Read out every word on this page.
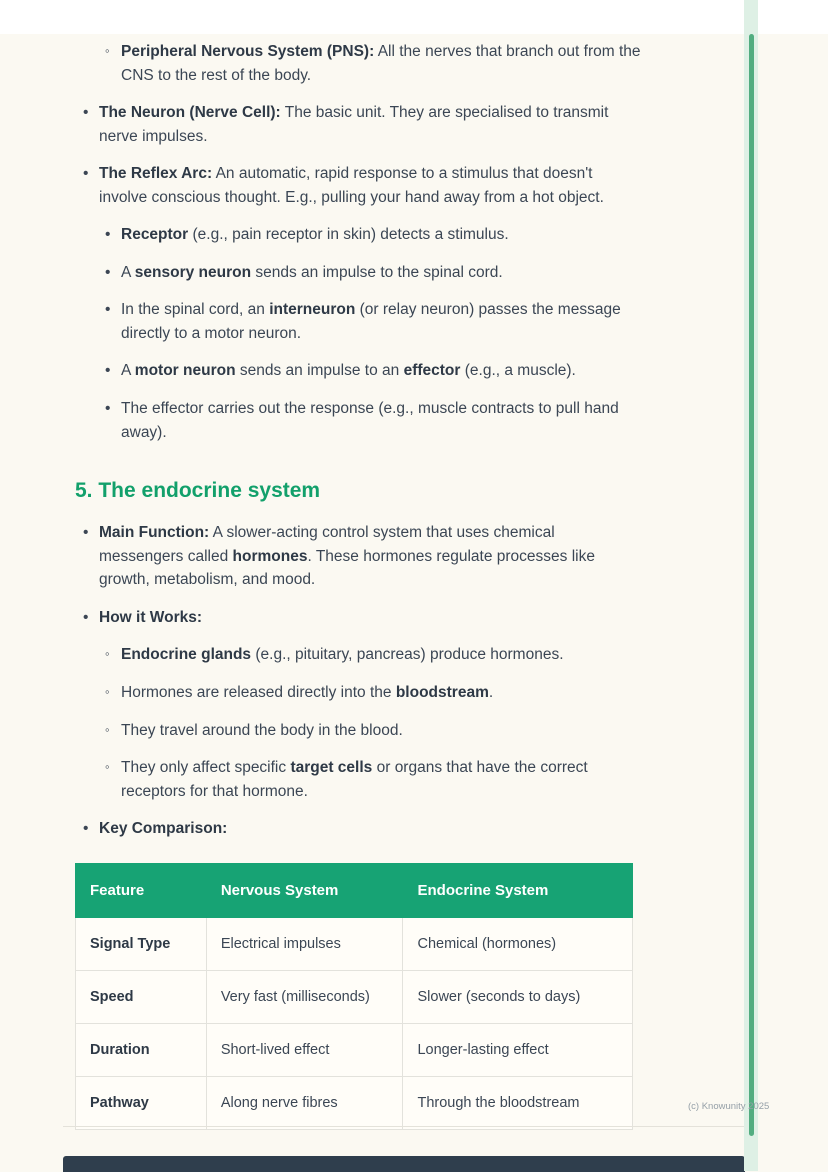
◦ Peripheral Nervous System (PNS): All the nerves that branch out from the CNS to the rest of the body.
• The Neuron (Nerve Cell): The basic unit. They are specialised to transmit nerve impulses.
• The Reflex Arc: An automatic, rapid response to a stimulus that doesn't involve conscious thought. E.g., pulling your hand away from a hot object.
• Receptor (e.g., pain receptor in skin) detects a stimulus.
• A sensory neuron sends an impulse to the spinal cord.
• In the spinal cord, an interneuron (or relay neuron) passes the message directly to a motor neuron.
• A motor neuron sends an impulse to an effector (e.g., a muscle).
• The effector carries out the response (e.g., muscle contracts to pull hand away).
5. The endocrine system
• Main Function: A slower-acting control system that uses chemical messengers called hormones. These hormones regulate processes like growth, metabolism, and mood.
• How it Works:
◦ Endocrine glands (e.g., pituitary, pancreas) produce hormones.
◦ Hormones are released directly into the bloodstream.
◦ They travel around the body in the blood.
◦ They only affect specific target cells or organs that have the correct receptors for that hormone.
• Key Comparison:
Feature	Nervous System	Endocrine System
Signal Type	Electrical impulses	Chemical (hormones)
Speed	Very fast (milliseconds)	Slower (seconds to days)
Duration	Short-lived effect	Longer-lasting effect
Pathway	Along nerve fibres	Through the bloodstream	(c) Knowunity 2025
